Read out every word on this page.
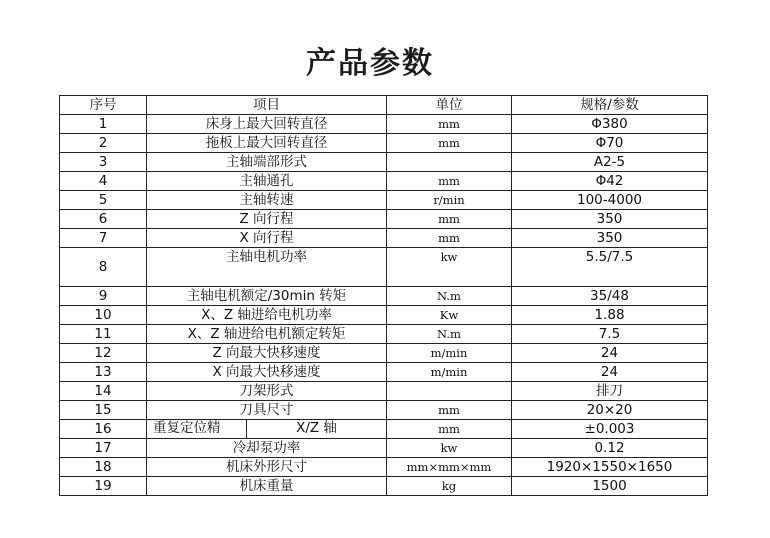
产品参数
序号	项目	单位	规格/参数
1	床身上最大回转直径	mm	Φ380
2	拖板上最大回转直径	mm	Φ70
3	主轴端部形式		A2-5
4	主轴通孔	mm	Φ42
5	主轴转速	r/min	100-4000
6	Z 向行程	mm	350
7	X 向行程	mm	350
8	主轴电机功率	kw	5.5/7.5
9	主轴电机额定/30min 转矩	N.m	35/48
10	X、Z 轴进给电机功率	Kw	1.88
11	X、Z 轴进给电机额定转矩	N.m	7.5
12	Z 向最大快移速度	m/min	24
13	X 向最大快移速度	m/min	24
14	刀架形式		排刀
15	刀具尺寸	mm	20×20
16	重复定位精 X/Z 轴	mm	±0.003
17	冷却泵功率	kw	0.12
18	机床外形尺寸	mm×mm×mm	1920×1550×1650
19	机床重量	kg	1500
